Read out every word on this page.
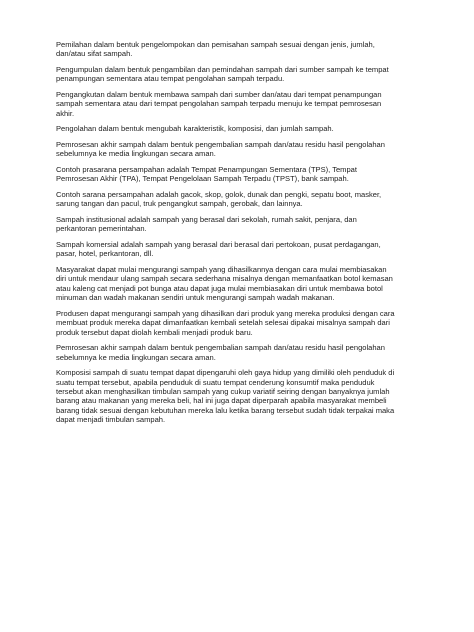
Pemilahan dalam bentuk pengelompokan dan pemisahan sampah sesuai dengan jenis, jumlah,
dan/atau sifat sampah.

Pengumpulan dalam bentuk pengambilan dan pemindahan sampah dari sumber sampah ke tempat
penampungan sementara atau tempat pengolahan sampah terpadu.

Pengangkutan dalam bentuk membawa sampah dari sumber dan/atau dari tempat penampungan
sampah sementara atau dari tempat pengolahan sampah terpadu menuju ke tempat pemrosesan
akhir.

Pengolahan dalam bentuk mengubah karakteristik, komposisi, dan jumlah sampah.

Pemrosesan akhir sampah dalam bentuk pengembalian sampah dan/atau residu hasil pengolahan
sebelumnya ke media lingkungan secara aman.

Contoh prasarana persampahan adalah Tempat Penampungan Sementara (TPS), Tempat
Pemrosesan Akhir (TPA), Tempat Pengelolaan Sampah Terpadu (TPST), bank sampah.

Contoh sarana persampahan adalah gacok, skop, golok, dunak dan pengki, sepatu boot, masker,
sarung tangan dan pacul, truk pengangkut sampah, gerobak, dan lainnya.

Sampah institusional adalah sampah yang berasal dari sekolah, rumah sakit, penjara, dan
perkantoran pemerintahan.

Sampah komersial adalah sampah yang berasal dari berasal dari pertokoan, pusat perdagangan,
pasar, hotel, perkantoran, dll.

Masyarakat dapat mulai mengurangi sampah yang dihasilkannya dengan cara mulai membiasakan
diri untuk mendaur ulang sampah secara sederhana misalnya dengan memanfaatkan botol kemasan
atau kaleng cat menjadi pot bunga atau dapat juga mulai membiasakan diri untuk membawa botol
minuman dan wadah makanan sendiri untuk mengurangi sampah wadah makanan.

Produsen dapat mengurangi sampah yang dihasilkan dari produk yang mereka produksi dengan cara
membuat produk mereka dapat dimanfaatkan kembali setelah selesai dipakai misalnya sampah dari
produk tersebut dapat diolah kembali menjadi produk baru.

Pemrosesan akhir sampah dalam bentuk pengembalian sampah dan/atau residu hasil pengolahan
sebelumnya ke media lingkungan secara aman.

Komposisi sampah di suatu tempat dapat dipengaruhi oleh gaya hidup yang dimiliki oleh penduduk di
suatu tempat tersebut, apabila penduduk di suatu tempat cenderung konsumtif maka penduduk
tersebut akan menghasilkan timbulan sampah yang cukup variatif seiring dengan banyaknya jumlah
barang atau makanan yang mereka beli, hal ini juga dapat diperparah apabila masyarakat membeli
barang tidak sesuai dengan kebutuhan mereka lalu ketika barang tersebut sudah tidak terpakai maka
dapat menjadi timbulan sampah.
